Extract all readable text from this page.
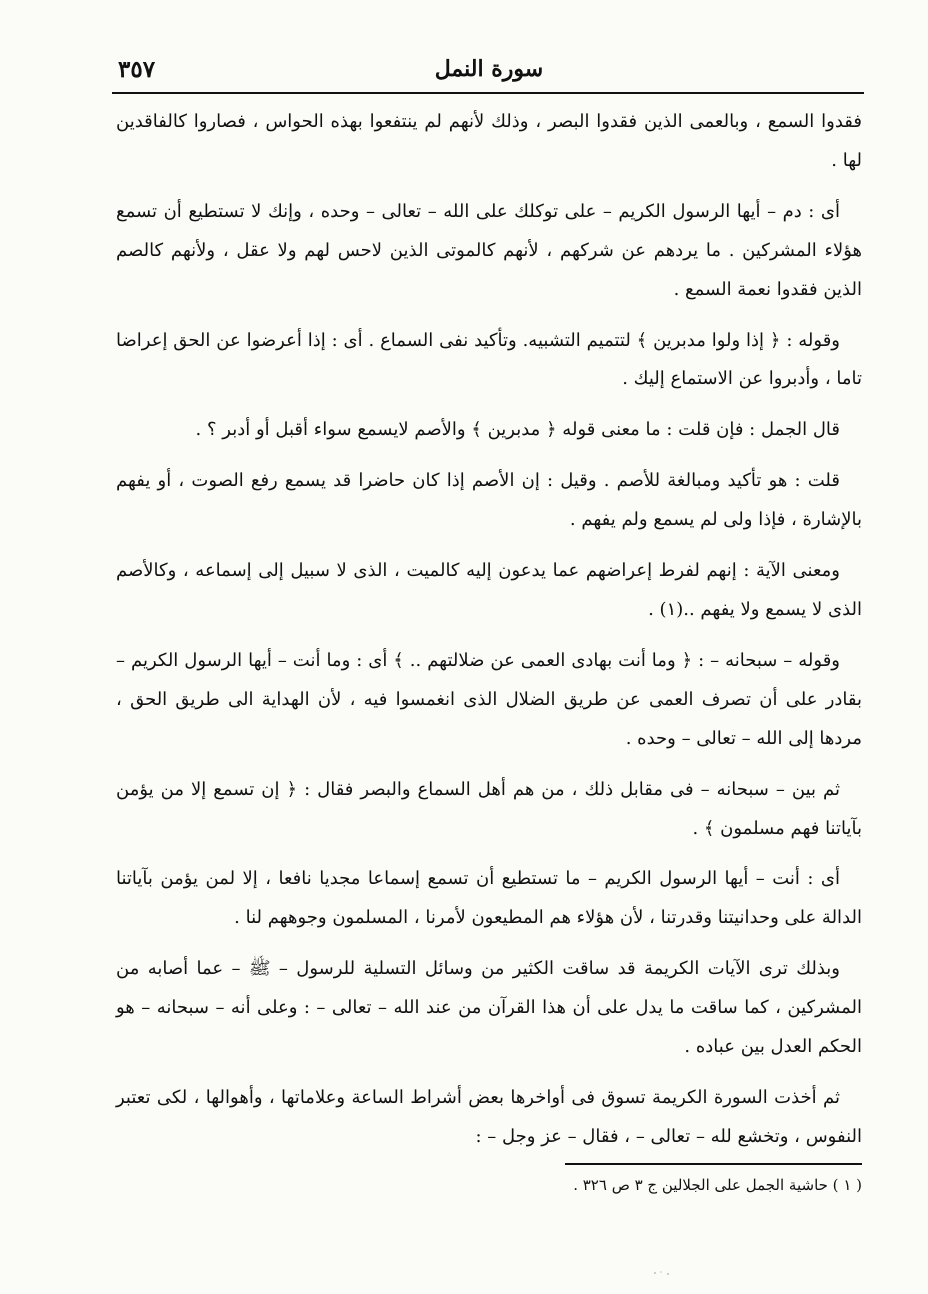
٣٥٧	سورة النمل

فقدوا السمع ، وبالعمى الذين فقدوا البصر ، وذلك لأنهم لم ينتفعوا بهذه الحواس ، فصاروا كالفاقدين لها .

أى : دم – أيها الرسول الكريم – على توكلك على الله – تعالى – وحده ، وإنك لا تستطيع أن تسمع هؤلاء المشركين . ما يردهم عن شركهم ، لأنهم كالموتى الذين لاحس لهم ولا عقل ، ولأنهم كالصم الذين فقدوا نعمة السمع .

وقوله : ﴿ إذا ولوا مدبرين ﴾ لتتميم التشبيه. وتأكيد نفى السماع . أى : إذا أعرضوا عن الحق إعراضا تاما ، وأدبروا عن الاستماع إليك .

قال الجمل : فإن قلت : ما معنى قوله ﴿ مدبرين ﴾ والأصم لايسمع سواء أقبل أو أدبر ؟ .

قلت : هو تأكيد ومبالغة للأصم . وقيل : إن الأصم إذا كان حاضرا قد يسمع رفع الصوت ، أو يفهم بالإشارة ، فإذا ولى لم يسمع ولم يفهم .

ومعنى الآية : إنهم لفرط إعراضهم عما يدعون إليه كالميت ، الذى لا سبيل إلى إسماعه ، وكالأصم الذى لا يسمع ولا يفهم ..(١) .

وقوله – سبحانه – : ﴿ وما أنت بهادى العمى عن ضلالتهم .. ﴾ أى : وما أنت – أيها الرسول الكريم – بقادر على أن تصرف العمى عن طريق الضلال الذى انغمسوا فيه ، لأن الهداية الى طريق الحق ، مردها إلى الله – تعالى – وحده .

ثم بين – سبحانه – فى مقابل ذلك ، من هم أهل السماع والبصر فقال : ﴿ إن تسمع إلا من يؤمن بآياتنا فهم مسلمون ﴾ .

أى : أنت – أيها الرسول الكريم – ما تستطيع أن تسمع إسماعا مجديا نافعا ، إلا لمن يؤمن بآياتنا الدالة على وحدانيتنا وقدرتنا ، لأن هؤلاء هم المطيعون لأمرنا ، المسلمون وجوههم لنا .

وبذلك ترى الآيات الكريمة قد ساقت الكثير من وسائل التسلية للرسول – ﷺ – عما أصابه من المشركين ، كما ساقت ما يدل على أن هذا القرآن من عند الله – تعالى – : وعلى أنه – سبحانه – هو الحكم العدل بين عباده .

ثم أخذت السورة الكريمة تسوق فى أواخرها بعض أشراط الساعة وعلاماتها ، وأهوالها ، لكى تعتبر النفوس ، وتخشع لله – تعالى – ، فقال – عز وجل – :

( ١ ) حاشية الجمل على الجلالين ج ٣ ص ٣٢٦ .
